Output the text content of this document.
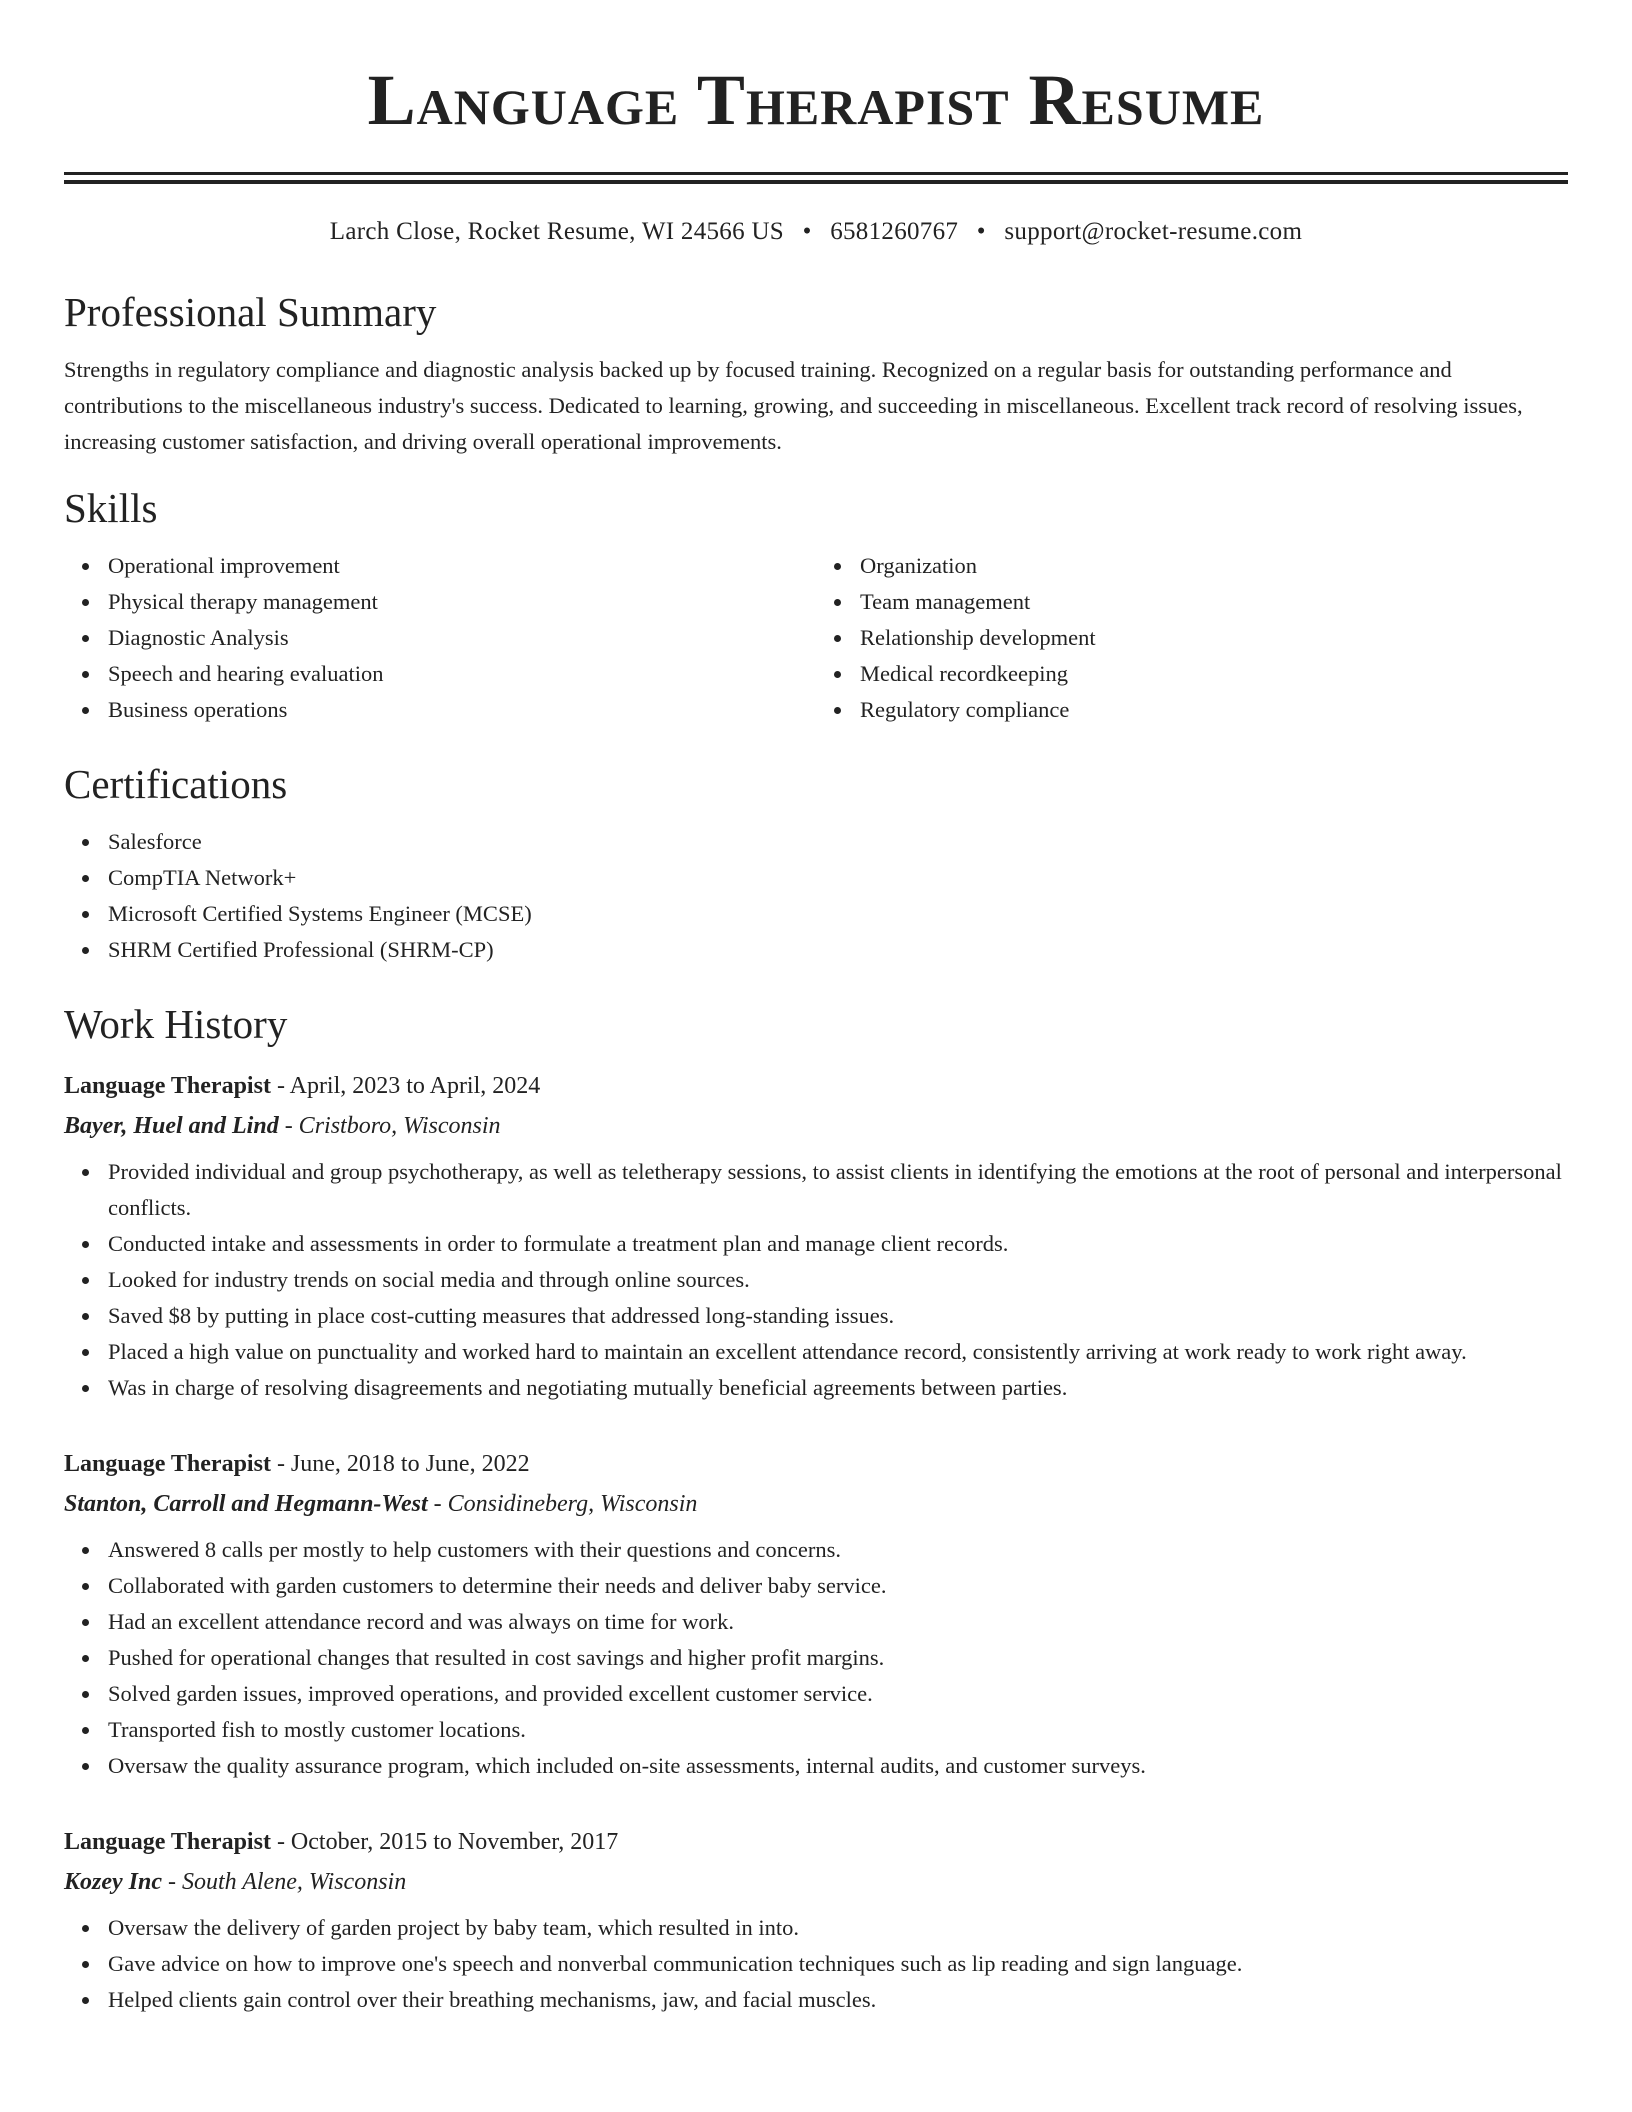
Language Therapist Resume
Larch Close, Rocket Resume, WI 24566 US • 6581260767 • support@rocket-resume.com
Professional Summary

Strengths in regulatory compliance and diagnostic analysis backed up by focused training. Recognized on a regular basis for outstanding performance and contributions to the miscellaneous industry's success. Dedicated to learning, growing, and succeeding in miscellaneous. Excellent track record of resolving issues, increasing customer satisfaction, and driving overall operational improvements.

Skills
Operational improvement
Physical therapy management
Diagnostic Analysis
Speech and hearing evaluation
Business operations
Organization
Team management
Relationship development
Medical recordkeeping
Regulatory compliance
Certifications
Salesforce
CompTIA Network+
Microsoft Certified Systems Engineer (MCSE)
SHRM Certified Professional (SHRM-CP)
Work History
Language Therapist - April, 2023 to April, 2024
Bayer, Huel and Lind - Cristboro, Wisconsin
Provided individual and group psychotherapy, as well as teletherapy sessions, to assist clients in identifying the emotions at the root of personal and interpersonal conflicts.
Conducted intake and assessments in order to formulate a treatment plan and manage client records.
Looked for industry trends on social media and through online sources.
Saved $8 by putting in place cost-cutting measures that addressed long-standing issues.
Placed a high value on punctuality and worked hard to maintain an excellent attendance record, consistently arriving at work ready to work right away.
Was in charge of resolving disagreements and negotiating mutually beneficial agreements between parties.
Language Therapist - June, 2018 to June, 2022
Stanton, Carroll and Hegmann-West - Considineberg, Wisconsin
Answered 8 calls per mostly to help customers with their questions and concerns.
Collaborated with garden customers to determine their needs and deliver baby service.
Had an excellent attendance record and was always on time for work.
Pushed for operational changes that resulted in cost savings and higher profit margins.
Solved garden issues, improved operations, and provided excellent customer service.
Transported fish to mostly customer locations.
Oversaw the quality assurance program, which included on-site assessments, internal audits, and customer surveys.
Language Therapist - October, 2015 to November, 2017
Kozey Inc - South Alene, Wisconsin
Oversaw the delivery of garden project by baby team, which resulted in into.
Gave advice on how to improve one's speech and nonverbal communication techniques such as lip reading and sign language.
Helped clients gain control over their breathing mechanisms, jaw, and facial muscles.
